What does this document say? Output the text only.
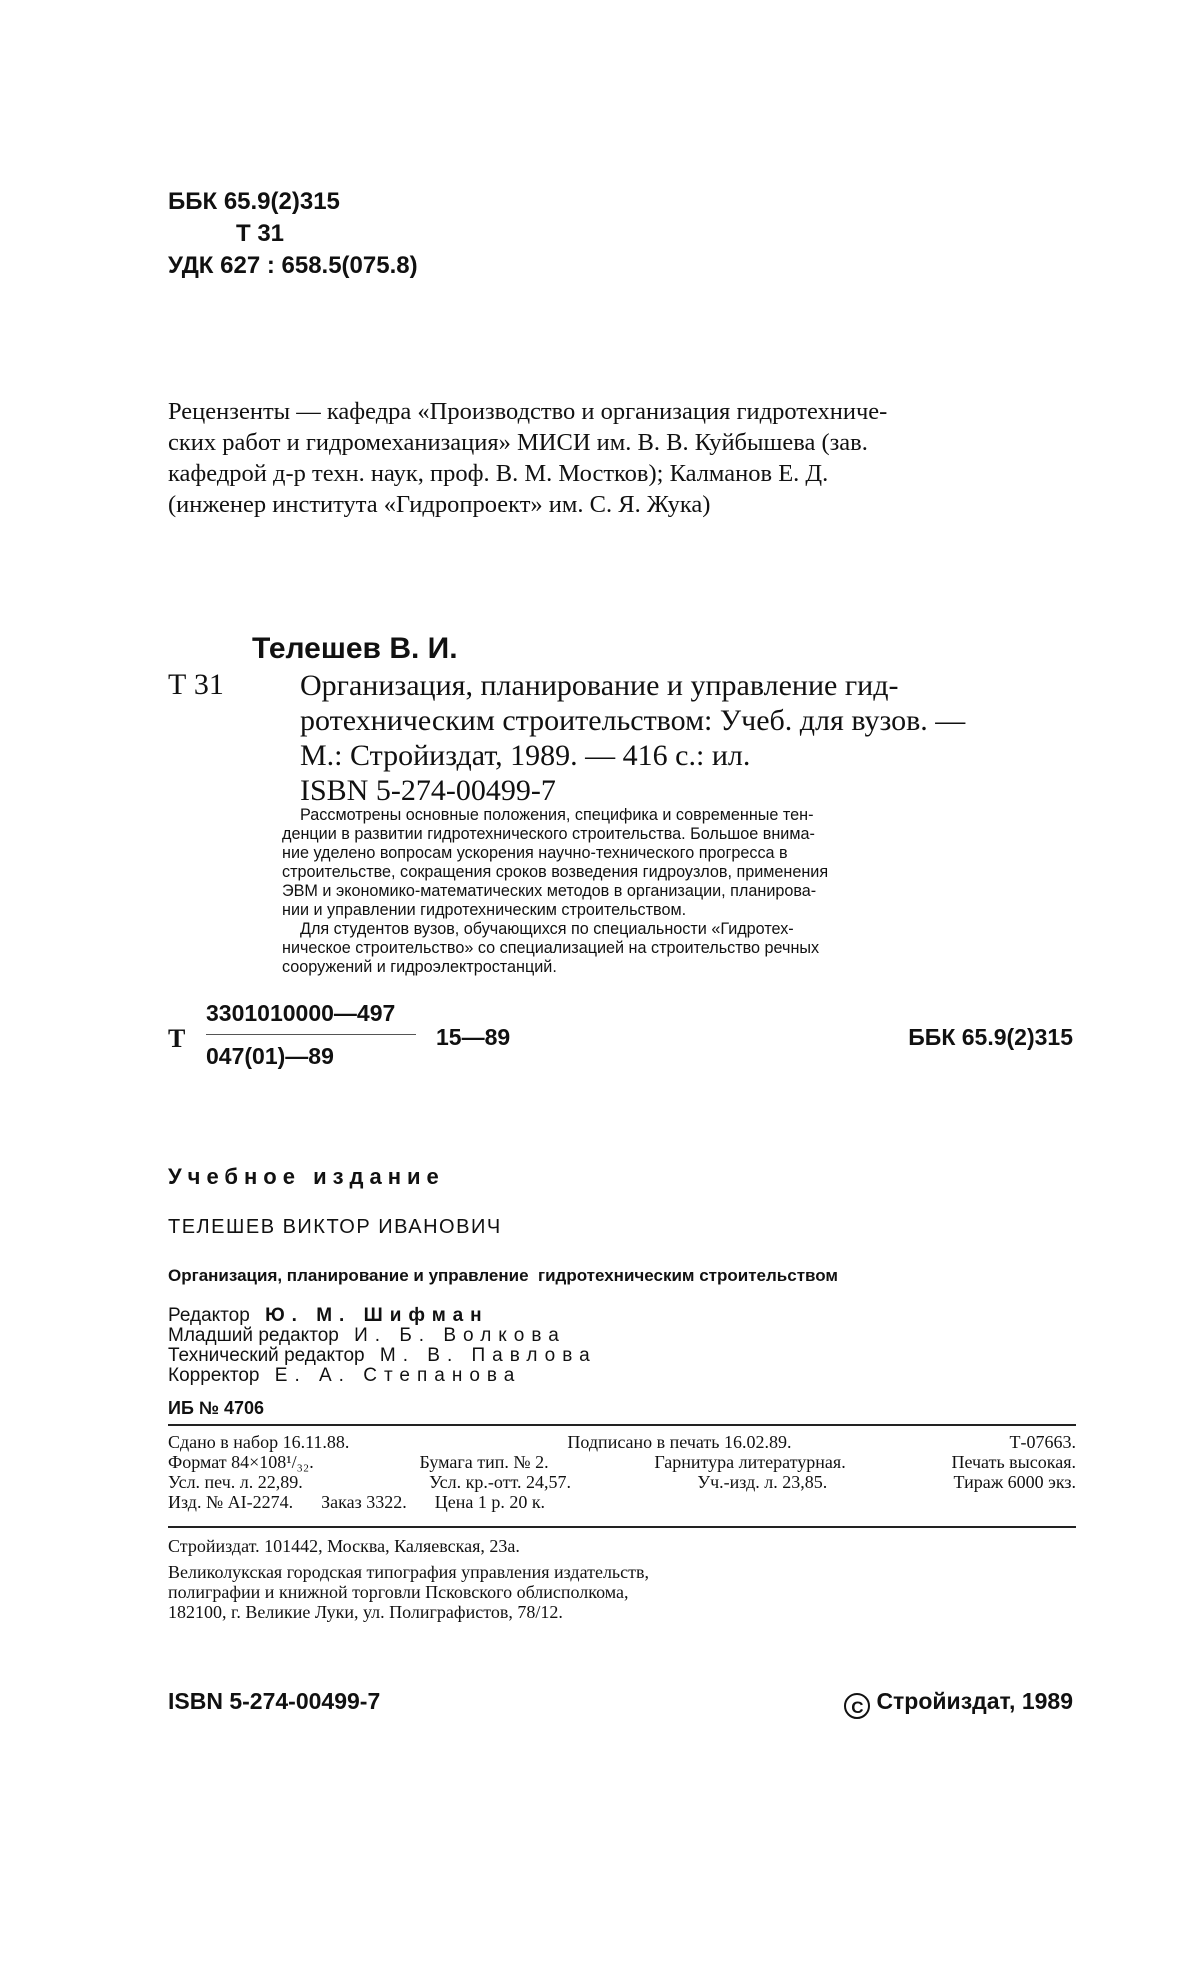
ББК 65.9(2)315
Т 31
УДК 627 : 658.5(075.8)
Рецензенты — кафедра «Производство и организация гидротехниче-
ских работ и гидромеханизация» МИСИ им. В. В. Куйбышева (зав.
кафедрой д-р техн. наук, проф. В. М. Мостков); Калманов Е. Д.
(инженер института «Гидропроект» им. С. Я. Жука)
Телешев В. И.
Т 31	Организация, планирование и управление гид-
ротехническим строительством: Учеб. для вузов. —
М.: Стройиздат, 1989. — 416 с.: ил.
ISBN 5-274-00499-7
Рассмотрены основные положения, специфика и современные тен-
денции в развитии гидротехнического строительства. Большое внима-
ние уделено вопросам ускорения научно-технического прогресса в
строительстве, сокращения сроков возведения гидроузлов, применения
ЭВМ и экономико-математических методов в организации, планирова-
нии и управлении гидротехническим строительством.
Для студентов вузов, обучающихся по специальности «Гидротех-
ническое строительство» со специализацией на строительство речных
сооружений и гидроэлектростанций.
Т
3301010000—497
047(01)—89
15—89	ББК 65.9(2)315
Учебное издание
ТЕЛЕШЕВ ВИКТОР ИВАНОВИЧ
Организация, планирование и управление  гидротехническим строительством
Редактор Ю. М. Шифман
Младший редактор И. Б. Волкова
Технический редактор М. В. Павлова
Корректор Е. А. Степанова
ИБ № 4706
Сдано в набор 16.11.88.	Подписано в печать 16.02.89.	Т-07663.
Формат 84×108¹/₃₂.	Бумага тип. № 2.	Гарнитура литературная.	Печать высокая.
Усл. печ. л. 22,89.	Усл. кр.-отт. 24,57.	Уч.-изд. л. 23,85.	Тираж 6000 экз.
Изд. № AI-2274. Заказ 3322. Цена 1 р. 20 к.
Стройиздат. 101442, Москва, Каляевская, 23а.
Великолукская городская типография управления издательств,
полиграфии и книжной торговли Псковского облисполкома,
182100, г. Великие Луки, ул. Полиграфистов, 78/12.
ISBN 5-274-00499-7	C Стройиздат, 1989
